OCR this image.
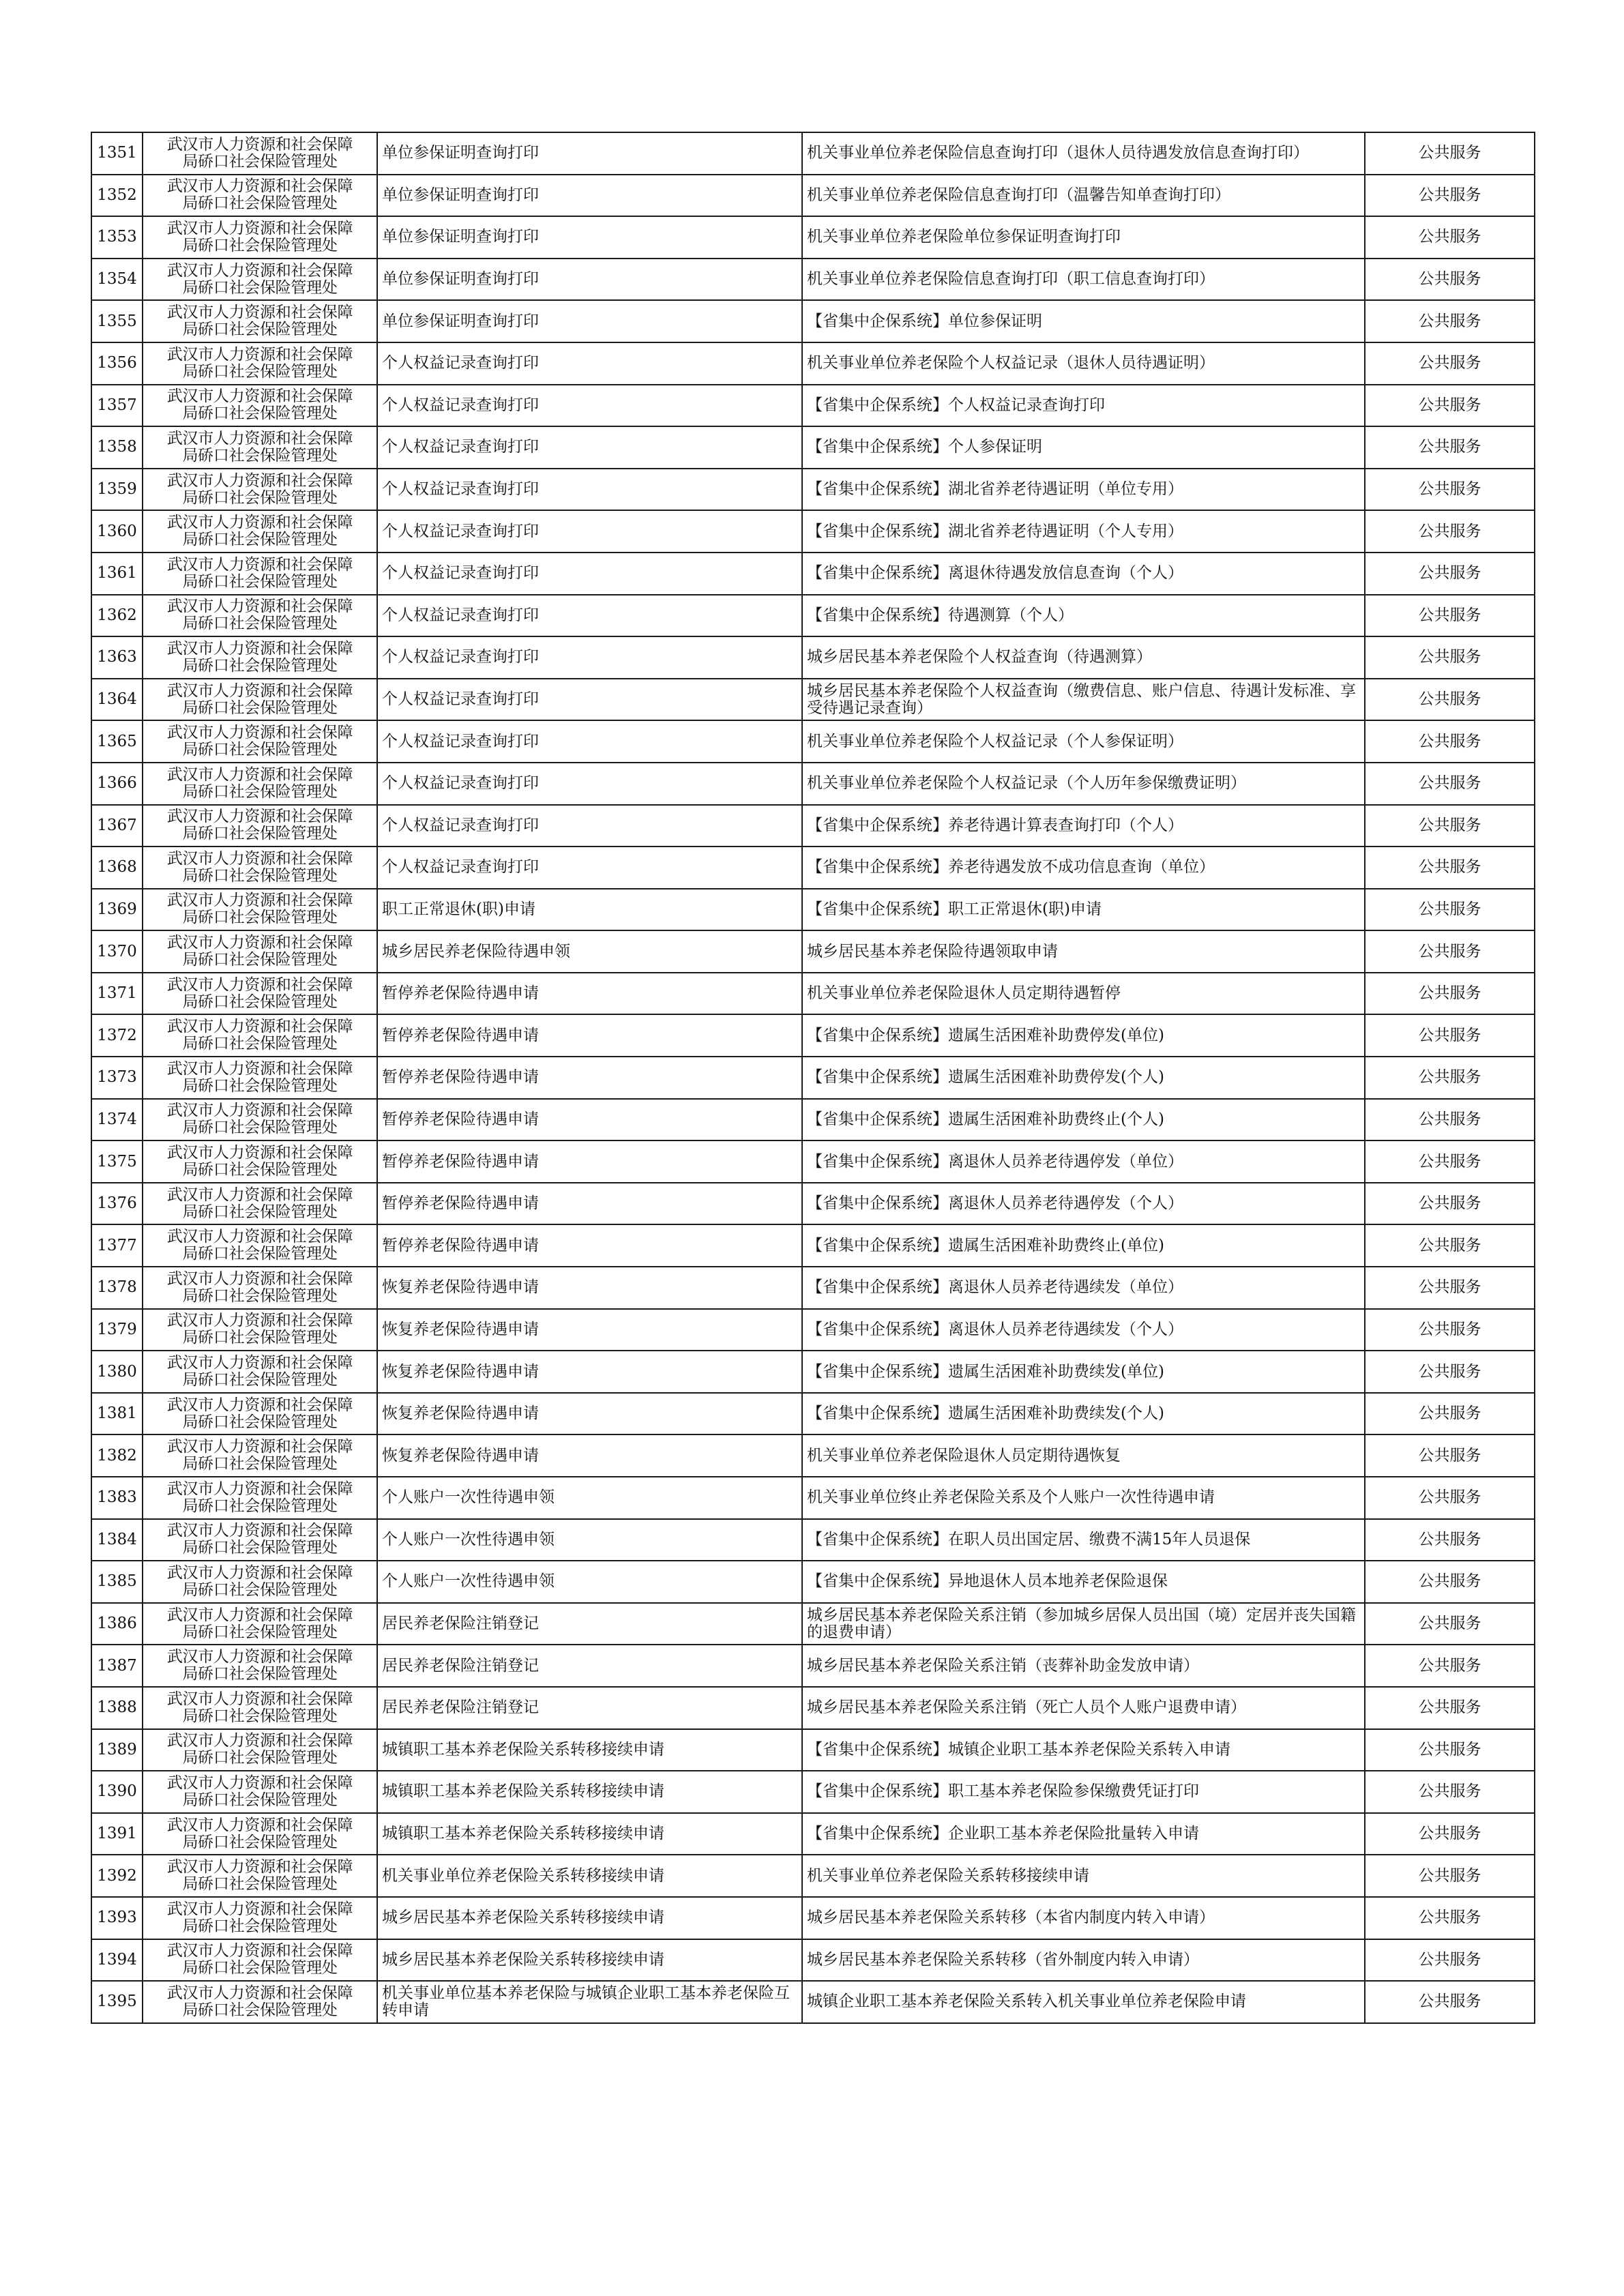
1351	武汉市人力资源和社会保障
局硚口社会保险管理处	单位参保证明查询打印	机关事业单位养老保险信息查询打印（退休人员待遇发放信息查询打印）	公共服务
1352	武汉市人力资源和社会保障
局硚口社会保险管理处	单位参保证明查询打印	机关事业单位养老保险信息查询打印（温馨告知单查询打印）	公共服务
1353	武汉市人力资源和社会保障
局硚口社会保险管理处	单位参保证明查询打印	机关事业单位养老保险单位参保证明查询打印	公共服务
1354	武汉市人力资源和社会保障
局硚口社会保险管理处	单位参保证明查询打印	机关事业单位养老保险信息查询打印（职工信息查询打印）	公共服务
1355	武汉市人力资源和社会保障
局硚口社会保险管理处	单位参保证明查询打印	【省集中企保系统】单位参保证明	公共服务
1356	武汉市人力资源和社会保障
局硚口社会保险管理处	个人权益记录查询打印	机关事业单位养老保险个人权益记录（退休人员待遇证明）	公共服务
1357	武汉市人力资源和社会保障
局硚口社会保险管理处	个人权益记录查询打印	【省集中企保系统】个人权益记录查询打印	公共服务
1358	武汉市人力资源和社会保障
局硚口社会保险管理处	个人权益记录查询打印	【省集中企保系统】个人参保证明	公共服务
1359	武汉市人力资源和社会保障
局硚口社会保险管理处	个人权益记录查询打印	【省集中企保系统】湖北省养老待遇证明（单位专用）	公共服务
1360	武汉市人力资源和社会保障
局硚口社会保险管理处	个人权益记录查询打印	【省集中企保系统】湖北省养老待遇证明（个人专用）	公共服务
1361	武汉市人力资源和社会保障
局硚口社会保险管理处	个人权益记录查询打印	【省集中企保系统】离退休待遇发放信息查询（个人）	公共服务
1362	武汉市人力资源和社会保障
局硚口社会保险管理处	个人权益记录查询打印	【省集中企保系统】待遇测算（个人）	公共服务
1363	武汉市人力资源和社会保障
局硚口社会保险管理处	个人权益记录查询打印	城乡居民基本养老保险个人权益查询（待遇测算）	公共服务
1364	武汉市人力资源和社会保障
局硚口社会保险管理处	个人权益记录查询打印	城乡居民基本养老保险个人权益查询（缴费信息、账户信息、待遇计发标准、享受待遇记录查询）	公共服务
1365	武汉市人力资源和社会保障
局硚口社会保险管理处	个人权益记录查询打印	机关事业单位养老保险个人权益记录（个人参保证明）	公共服务
1366	武汉市人力资源和社会保障
局硚口社会保险管理处	个人权益记录查询打印	机关事业单位养老保险个人权益记录（个人历年参保缴费证明）	公共服务
1367	武汉市人力资源和社会保障
局硚口社会保险管理处	个人权益记录查询打印	【省集中企保系统】养老待遇计算表查询打印（个人）	公共服务
1368	武汉市人力资源和社会保障
局硚口社会保险管理处	个人权益记录查询打印	【省集中企保系统】养老待遇发放不成功信息查询（单位）	公共服务
1369	武汉市人力资源和社会保障
局硚口社会保险管理处	职工正常退休(职)申请	【省集中企保系统】职工正常退休(职)申请	公共服务
1370	武汉市人力资源和社会保障
局硚口社会保险管理处	城乡居民养老保险待遇申领	城乡居民基本养老保险待遇领取申请	公共服务
1371	武汉市人力资源和社会保障
局硚口社会保险管理处	暂停养老保险待遇申请	机关事业单位养老保险退休人员定期待遇暂停	公共服务
1372	武汉市人力资源和社会保障
局硚口社会保险管理处	暂停养老保险待遇申请	【省集中企保系统】遗属生活困难补助费停发(单位)	公共服务
1373	武汉市人力资源和社会保障
局硚口社会保险管理处	暂停养老保险待遇申请	【省集中企保系统】遗属生活困难补助费停发(个人)	公共服务
1374	武汉市人力资源和社会保障
局硚口社会保险管理处	暂停养老保险待遇申请	【省集中企保系统】遗属生活困难补助费终止(个人)	公共服务
1375	武汉市人力资源和社会保障
局硚口社会保险管理处	暂停养老保险待遇申请	【省集中企保系统】离退休人员养老待遇停发（单位）	公共服务
1376	武汉市人力资源和社会保障
局硚口社会保险管理处	暂停养老保险待遇申请	【省集中企保系统】离退休人员养老待遇停发（个人）	公共服务
1377	武汉市人力资源和社会保障
局硚口社会保险管理处	暂停养老保险待遇申请	【省集中企保系统】遗属生活困难补助费终止(单位)	公共服务
1378	武汉市人力资源和社会保障
局硚口社会保险管理处	恢复养老保险待遇申请	【省集中企保系统】离退休人员养老待遇续发（单位）	公共服务
1379	武汉市人力资源和社会保障
局硚口社会保险管理处	恢复养老保险待遇申请	【省集中企保系统】离退休人员养老待遇续发（个人）	公共服务
1380	武汉市人力资源和社会保障
局硚口社会保险管理处	恢复养老保险待遇申请	【省集中企保系统】遗属生活困难补助费续发(单位)	公共服务
1381	武汉市人力资源和社会保障
局硚口社会保险管理处	恢复养老保险待遇申请	【省集中企保系统】遗属生活困难补助费续发(个人)	公共服务
1382	武汉市人力资源和社会保障
局硚口社会保险管理处	恢复养老保险待遇申请	机关事业单位养老保险退休人员定期待遇恢复	公共服务
1383	武汉市人力资源和社会保障
局硚口社会保险管理处	个人账户一次性待遇申领	机关事业单位终止养老保险关系及个人账户一次性待遇申请	公共服务
1384	武汉市人力资源和社会保障
局硚口社会保险管理处	个人账户一次性待遇申领	【省集中企保系统】在职人员出国定居、缴费不满15年人员退保	公共服务
1385	武汉市人力资源和社会保障
局硚口社会保险管理处	个人账户一次性待遇申领	【省集中企保系统】异地退休人员本地养老保险退保	公共服务
1386	武汉市人力资源和社会保障
局硚口社会保险管理处	居民养老保险注销登记	城乡居民基本养老保险关系注销（参加城乡居保人员出国（境）定居并丧失国籍的退费申请）	公共服务
1387	武汉市人力资源和社会保障
局硚口社会保险管理处	居民养老保险注销登记	城乡居民基本养老保险关系注销（丧葬补助金发放申请）	公共服务
1388	武汉市人力资源和社会保障
局硚口社会保险管理处	居民养老保险注销登记	城乡居民基本养老保险关系注销（死亡人员个人账户退费申请）	公共服务
1389	武汉市人力资源和社会保障
局硚口社会保险管理处	城镇职工基本养老保险关系转移接续申请	【省集中企保系统】城镇企业职工基本养老保险关系转入申请	公共服务
1390	武汉市人力资源和社会保障
局硚口社会保险管理处	城镇职工基本养老保险关系转移接续申请	【省集中企保系统】职工基本养老保险参保缴费凭证打印	公共服务
1391	武汉市人力资源和社会保障
局硚口社会保险管理处	城镇职工基本养老保险关系转移接续申请	【省集中企保系统】企业职工基本养老保险批量转入申请	公共服务
1392	武汉市人力资源和社会保障
局硚口社会保险管理处	机关事业单位养老保险关系转移接续申请	机关事业单位养老保险关系转移接续申请	公共服务
1393	武汉市人力资源和社会保障
局硚口社会保险管理处	城乡居民基本养老保险关系转移接续申请	城乡居民基本养老保险关系转移（本省内制度内转入申请）	公共服务
1394	武汉市人力资源和社会保障
局硚口社会保险管理处	城乡居民基本养老保险关系转移接续申请	城乡居民基本养老保险关系转移（省外制度内转入申请）	公共服务
1395	武汉市人力资源和社会保障
局硚口社会保险管理处	机关事业单位基本养老保险与城镇企业职工基本养老保险互转申请	城镇企业职工基本养老保险关系转入机关事业单位养老保险申请	公共服务
